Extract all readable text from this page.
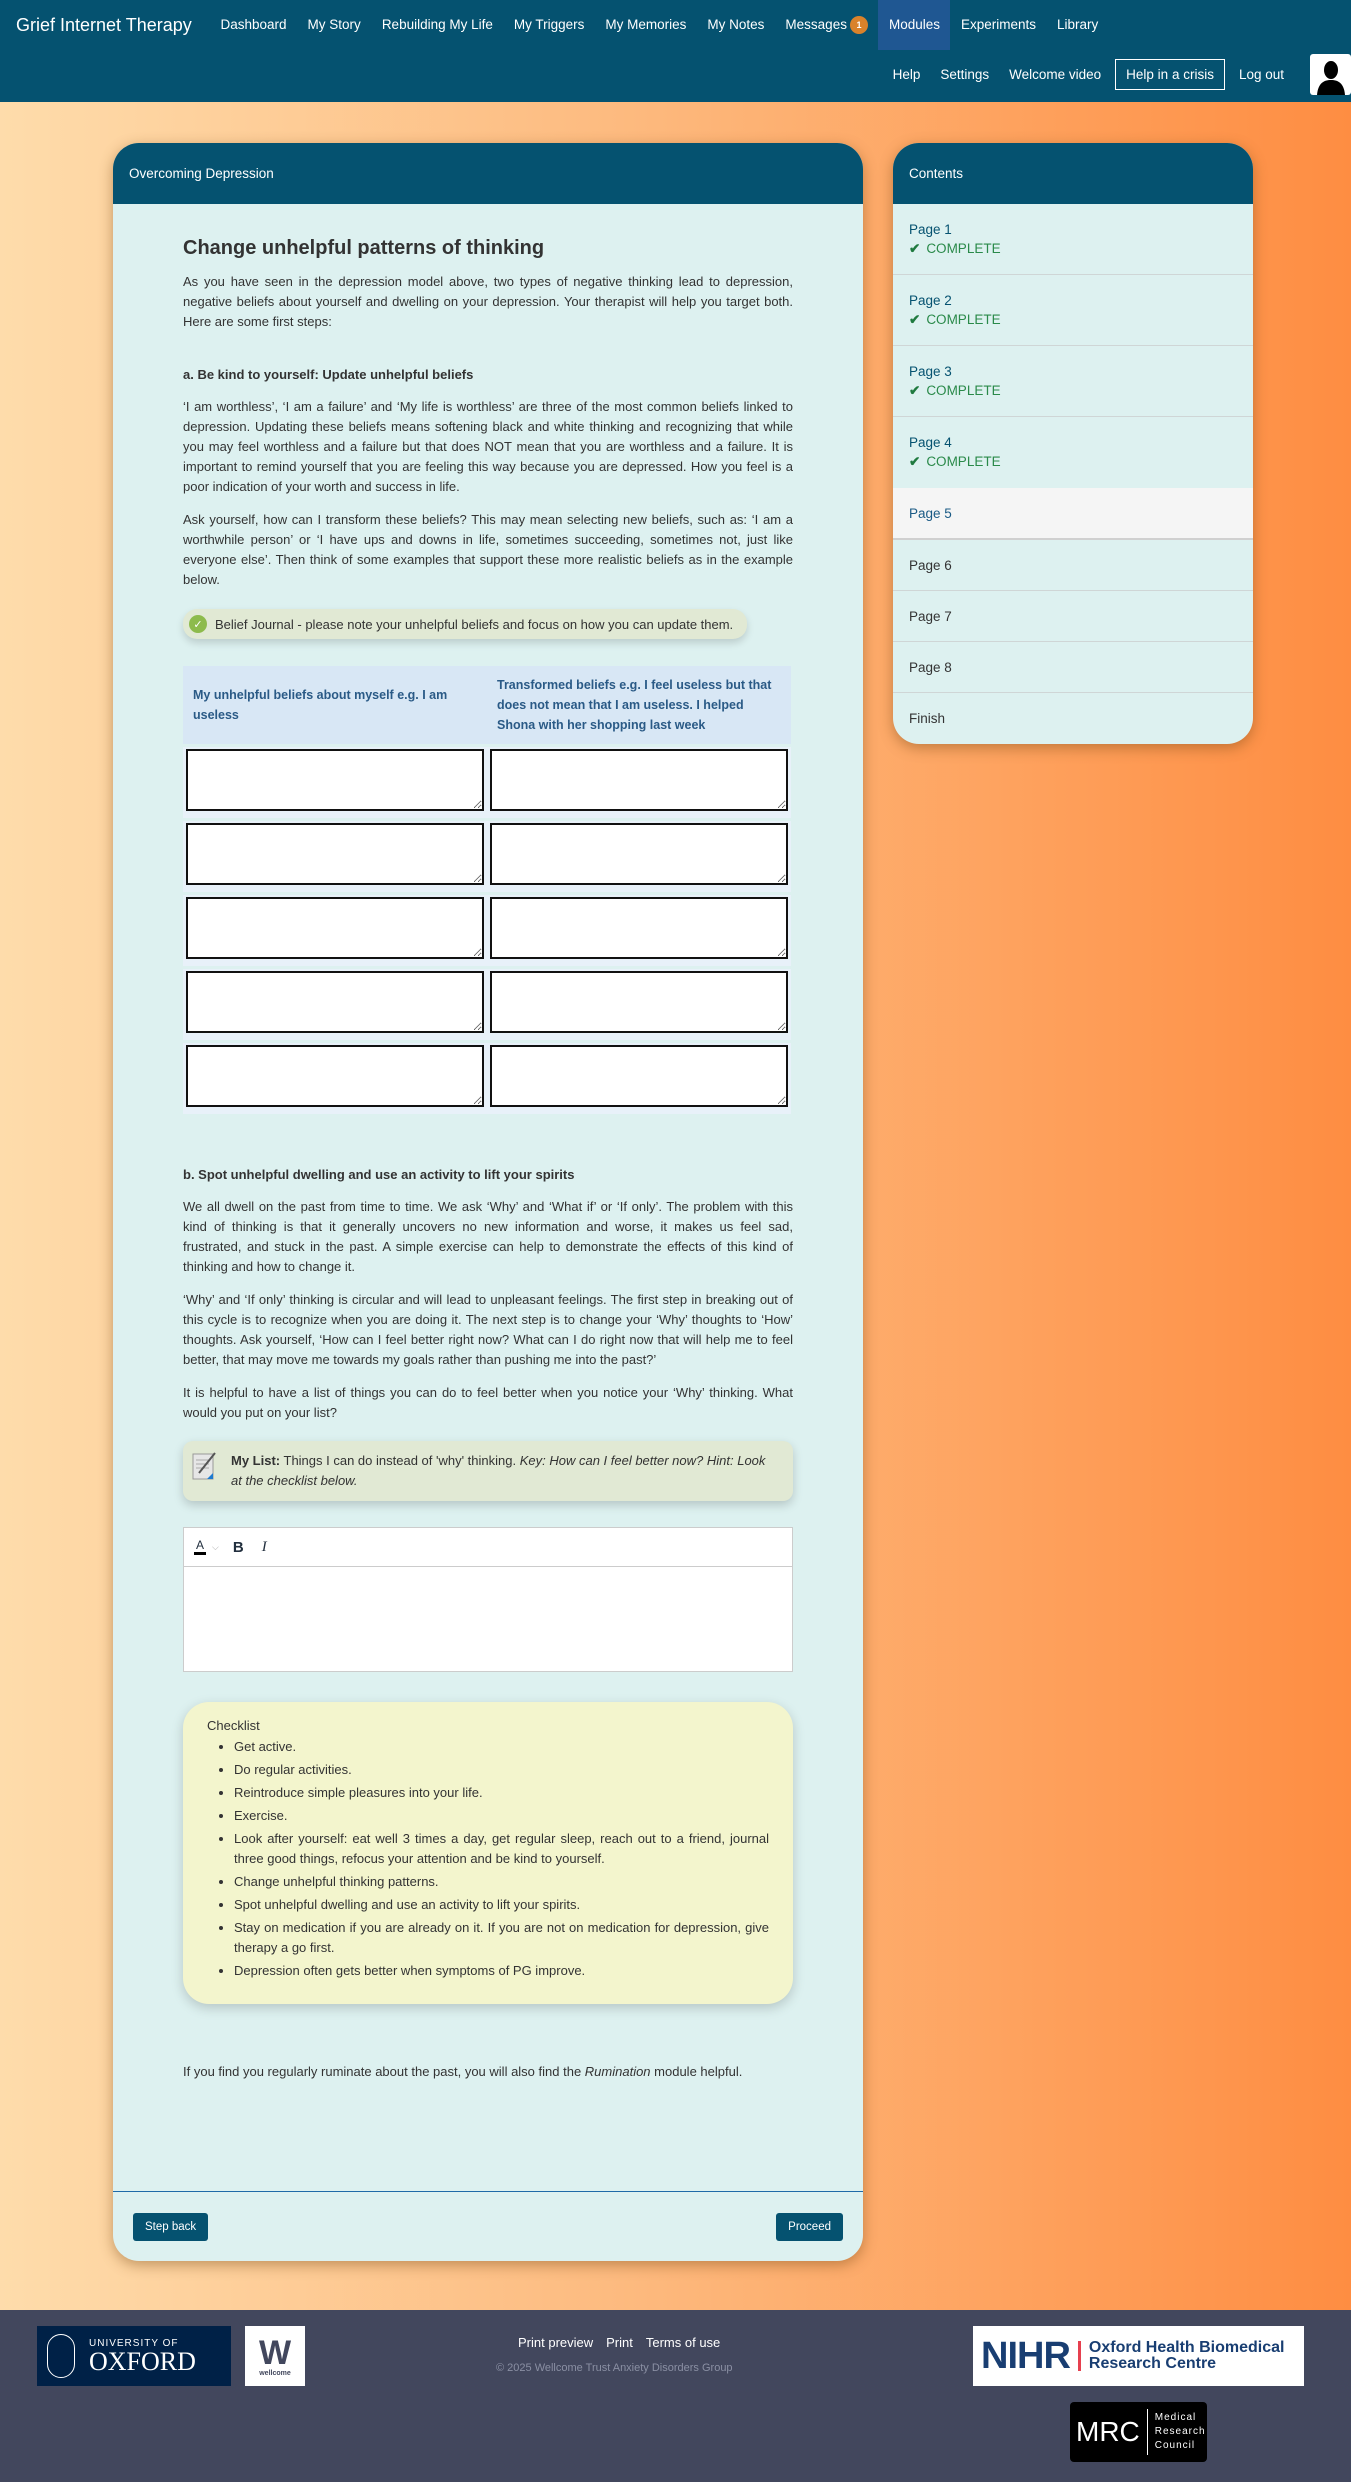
Grief Internet Therapy	Dashboard	My Story	Rebuilding My Life	My Triggers	My Memories	My Notes	Messages	1	Modules	Experiments	Library
Help	Settings	Welcome video	Help in a crisis	Log out
Overcoming Depression
Change unhelpful patterns of thinking

As you have seen in the depression model above, two types of negative thinking lead to depression, negative beliefs about yourself and dwelling on your depression. Your therapist will help you target both. Here are some first steps:

a. Be kind to yourself: Update unhelpful beliefs

‘I am worthless’, ‘I am a failure’ and ‘My life is worthless’ are three of the most common beliefs linked to depression. Updating these beliefs means softening black and white thinking and recognizing that while you may feel worthless and a failure but that does NOT mean that you are worthless and a failure. It is important to remind yourself that you are feeling this way because you are depressed. How you feel is a poor indication of your worth and success in life.

Ask yourself, how can I transform these beliefs? This may mean selecting new beliefs, such as: ‘I am a worthwhile person’ or ‘I have ups and downs in life, sometimes succeeding, sometimes not, just like everyone else’. Then think of some examples that support these more realistic beliefs as in the example below.

✓ Belief Journal - please note your unhelpful beliefs and focus on how you can update them.
My unhelpful beliefs about myself e.g. I am useless	Transformed beliefs e.g. I feel useless but that does not mean that I am useless. I helped Shona with her shopping last week

b. Spot unhelpful dwelling and use an activity to lift your spirits

We all dwell on the past from time to time. We ask ‘Why’ and ‘What if’ or ‘If only’. The problem with this kind of thinking is that it generally uncovers no new information and worse, it makes us feel sad, frustrated, and stuck in the past. A simple exercise can help to demonstrate the effects of this kind of thinking and how to change it.

‘Why’ and ‘If only’ thinking is circular and will lead to unpleasant feelings. The first step in breaking out of this cycle is to recognize when you are doing it. The next step is to change your ‘Why’ thoughts to ‘How’ thoughts. Ask yourself, ‘How can I feel better right now? What can I do right now that will help me to feel better, that may move me towards my goals rather than pushing me into the past?’

It is helpful to have a list of things you can do to feel better when you notice your ‘Why’ thinking. What would you put on your list?

My List: Things I can do instead of 'why' thinking. Key: How can I feel better now? Hint: Look at the checklist below.
A ⌵ B I
Checklist
• Get active.
• Do regular activities.
• Reintroduce simple pleasures into your life.
• Exercise.
• Look after yourself: eat well 3 times a day, get regular sleep, reach out to a friend, journal three good things, refocus your attention and be kind to yourself.
• Change unhelpful thinking patterns.
• Spot unhelpful dwelling and use an activity to lift your spirits.
• Stay on medication if you are already on it. If you are not on medication for depression, give therapy a go first.
• Depression often gets better when symptoms of PG improve.

If you find you regularly ruminate about the past, you will also find the Rumination module helpful.

Step back	Proceed
Contents
Page 1
✔ COMPLETE
Page 2
✔ COMPLETE
Page 3
✔ COMPLETE
Page 4
✔ COMPLETE
Page 5
Page 6
Page 7
Page 8
Finish
UNIVERSITY OF
OXFORD W
wellcome
Print preview Print Terms of use
© 2025 Wellcome Trust Anxiety Disorders Group	NIHR Oxford Health Biomedical
Research Centre
MRC Medical
Research
Council
